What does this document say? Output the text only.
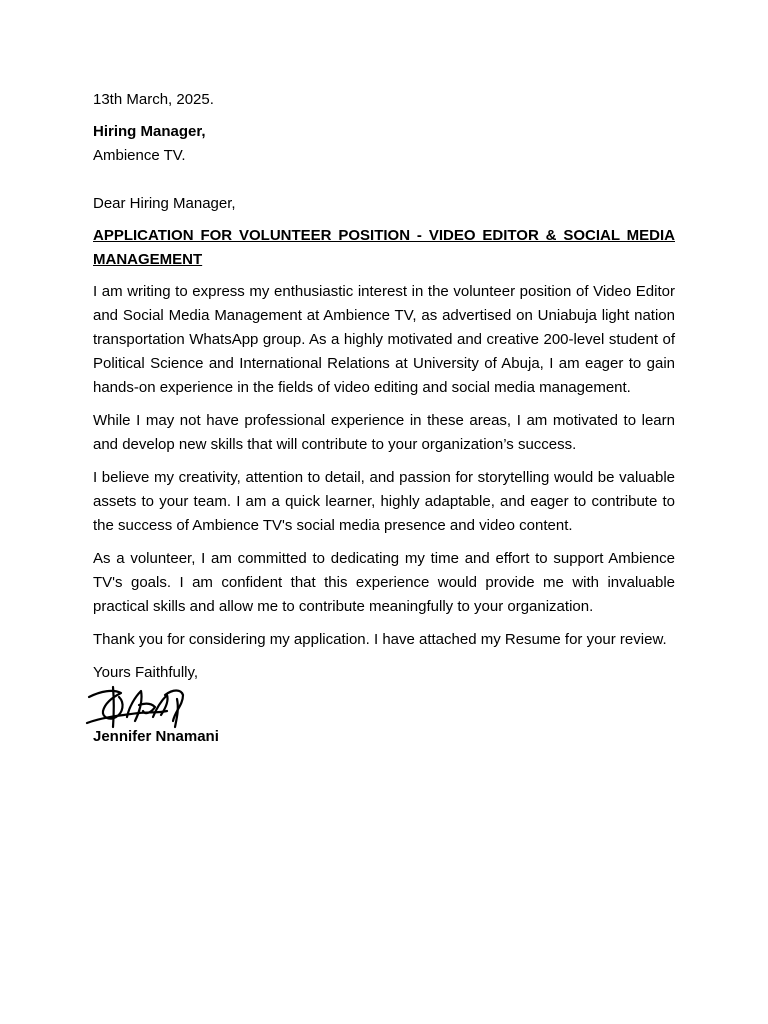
13th March, 2025.

Hiring Manager,

Ambience TV.

Dear Hiring Manager,

APPLICATION FOR VOLUNTEER POSITION - VIDEO EDITOR & SOCIAL MEDIA MANAGEMENT

I am writing to express my enthusiastic interest in the volunteer position of Video Editor and Social Media Management at Ambience TV, as advertised on Uniabuja light nation transportation WhatsApp group. As a highly motivated and creative 200-level student of Political Science and International Relations at University of Abuja, I am eager to gain hands-on experience in the fields of video editing and social media management.

While I may not have professional experience in these areas, I am motivated to learn and develop new skills that will contribute to your organization’s success.

I believe my creativity, attention to detail, and passion for storytelling would be valuable assets to your team. I am a quick learner, highly adaptable, and eager to contribute to the success of Ambience TV's social media presence and video content.

As a volunteer, I am committed to dedicating my time and effort to support Ambience TV's goals. I am confident that this experience would provide me with invaluable practical skills and allow me to contribute meaningfully to your organization.

Thank you for considering my application. I have attached my Resume for your review.

Yours Faithfully,

Jennifer Nnamani
